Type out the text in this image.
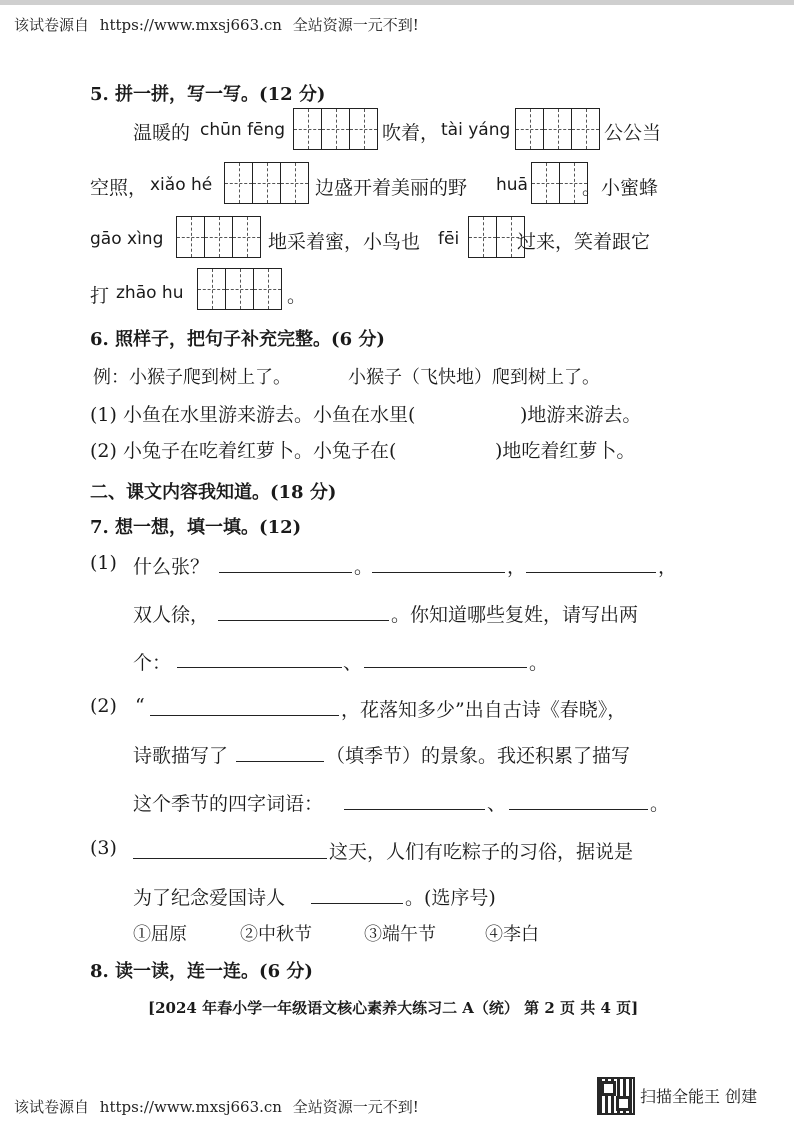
该试卷源自 https://www.mxsj663.cn 全站资源一元不到!
5. 拼一拼，写一写。(12 分)
温暖的 chūn fēng	吹着， tài yáng	公公当
空照， xiǎo hé	边盛开着美丽的野 huā	。小蜜蜂
gāo xìng	地采着蜜，小鸟也 fēi	过来，笑着跟它
打 zhāo hu	。
6. 照样子，把句子补充完整。(6 分)
例：小猴子爬到树上了。	小猴子（飞快地）爬到树上了。
(1) 小鱼在水里游来游去。小鱼在水里(	)地游来游去。
(2) 小兔子在吃着红萝卜。小兔子在(	)地吃着红萝卜。
二、课文内容我知道。(18 分)
7. 想一想，填一填。(12)
(1) 什么张？	。	，	，
双人徐，	。你知道哪些复姓，请写出两
个：	、	。
(2) “	，花落知多少”出自古诗《春晓》，
诗歌描写了	（填季节）的景象。我还积累了描写
这个季节的四字词语：	、	。
(3)	这天，人们有吃粽子的习俗，据说是
为了纪念爱国诗人	。(选序号)
①屈原	②中秋节	③端午节	④李白
8. 读一读，连一连。(6 分)
[2024 年春小学一年级语文核心素养大练习二 A（统） 第 2 页 共 4 页]
该试卷源自 https://www.mxsj663.cn 全站资源一元不到!
扫描全能王 创建
